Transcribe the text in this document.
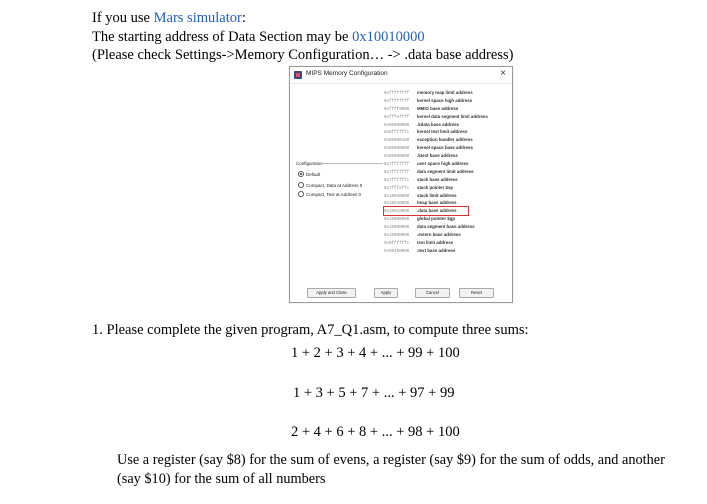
If you use Mars simulator:
The starting address of Data Section may be 0x10010000
(Please check Settings->Memory Configuration… -> .data base address)
MIPS Memory Configuration	×
Configuration
Default
Compact, Data at Address 0
Compact, Text at Address 0
0xffffffff memory map limit address
0xffffffff kernel space high address
0xffff0000 MMIO base address
0xfffeffff kernel data segment limit address
0x90000000 .kdata base address
0x8ffffffc kernel text limit address
0x80000180 exception handler address
0x80000000 kernel space base address
0x80000000 .ktext base address
0x7fffffff user space high address
0x7fffffff data segment limit address
0x7ffffffc stack base address
0x7fffeffc stack pointer $sp
0x10040000 stack limit address
0x10040000 heap base address
0x10010000 .data base address
0x10008000 global pointer $gp
0x10000000 data segment base address
0x10000000 .extern base address
0x0ffffffc text limit address
0x00400000 .text base address
Apply and Close	Apply	Cancel	Reset
1. Please complete the given program, A7_Q1.asm, to compute three sums:
1 + 2 + 3 + 4 + ... + 99 + 100
1 + 3 + 5 + 7 + ... + 97 + 99
2 + 4 + 6 + 8 + ... + 98 + 100
Use a register (say $8) for the sum of evens, a register (say $9) for the sum of odds, and another (say $10) for the sum of all numbers
